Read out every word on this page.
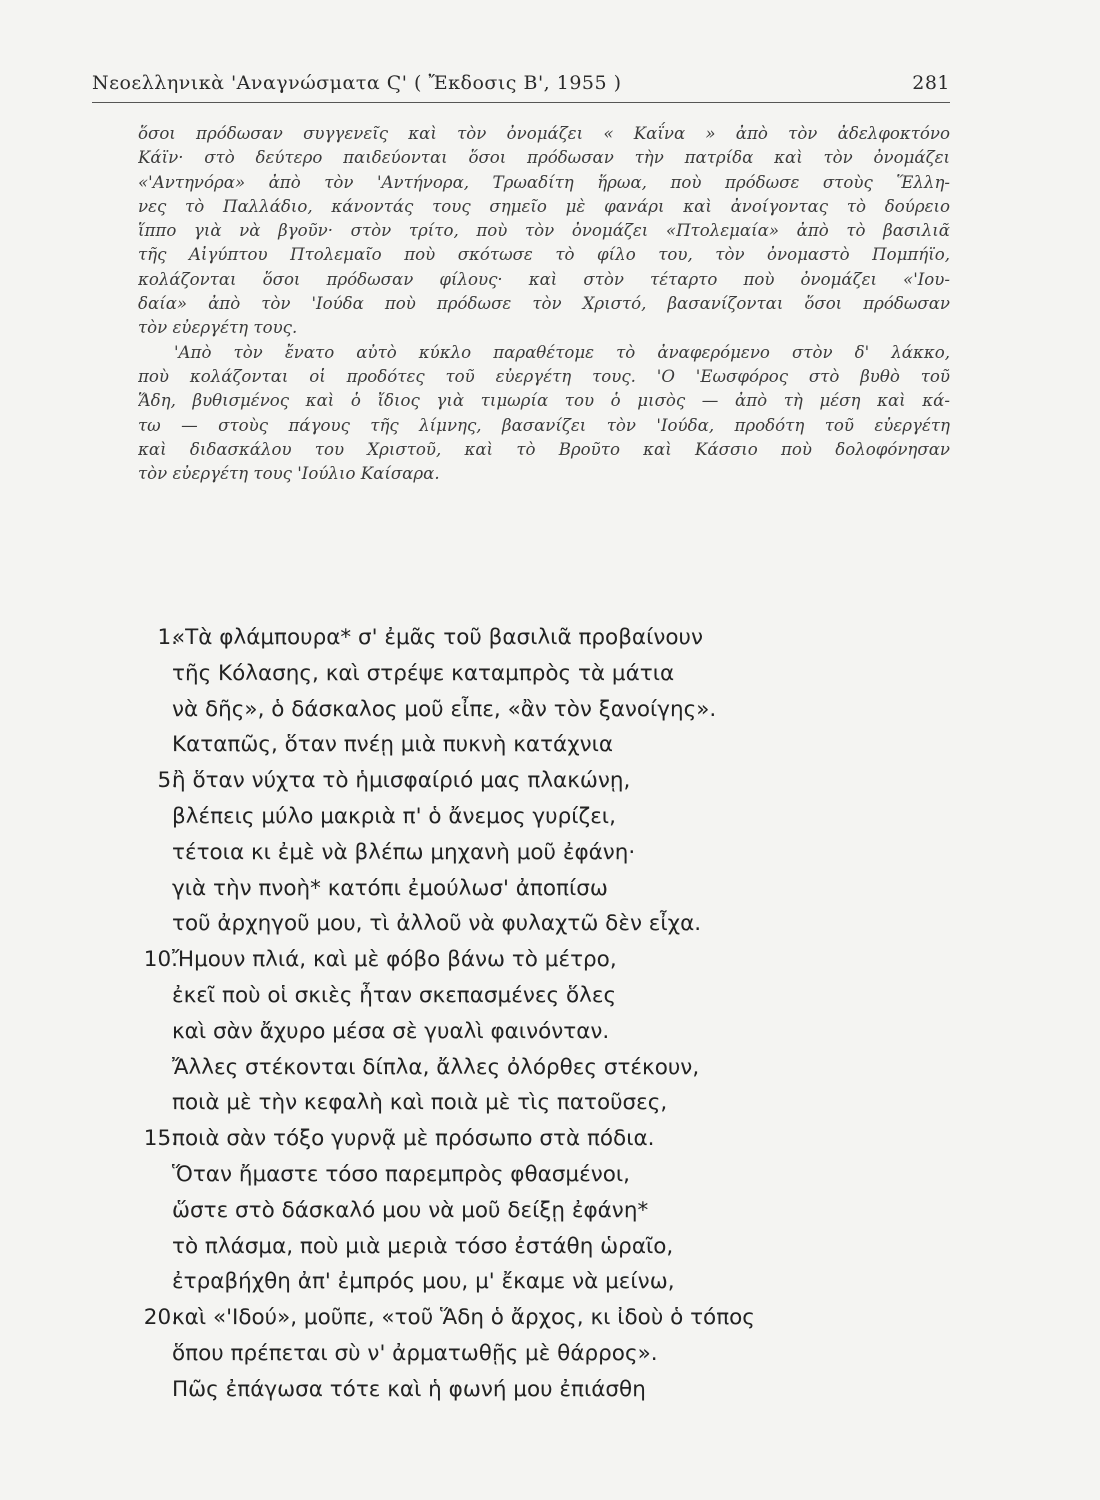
Νεοελληνικὰ 'Αναγνώσματα Ϛ' ( Ἔκδοσις Β', 1955 )	281
ὅσοι πρόδωσαν συγγενεῖς καὶ τὸν ὀνομάζει « Καΐνα » ἀπὸ τὸν ἀδελφοκτόνο
Κάϊν· στὸ δεύτερο παιδεύονται ὅσοι πρόδωσαν τὴν πατρίδα καὶ τὸν ὀνομάζει
«'Αντηνόρα» ἀπὸ τὸν 'Αντήνορα, Τρωαδίτη ἥρωα, ποὺ πρόδωσε στοὺς Ἕλλη-
νες τὸ Παλλάδιο, κάνοντάς τους σημεῖο μὲ φανάρι καὶ ἀνοίγοντας τὸ δούρειο
ἵππο γιὰ νὰ βγοῦν· στὸν τρίτο, ποὺ τὸν ὀνομάζει «Πτολεμαία» ἀπὸ τὸ βασιλιᾶ
τῆς Αἰγύπτου Πτολεμαῖο ποὺ σκότωσε τὸ φίλο του, τὸν ὀνομαστὸ Πομπήϊο,
κολάζονται ὅσοι πρόδωσαν φίλους· καὶ στὸν τέταρτο ποὺ ὀνομάζει «'Ιου-
δαία» ἀπὸ τὸν 'Ιούδα ποὺ πρόδωσε τὸν Χριστό, βασανίζονται ὅσοι πρόδωσαν
τὸν εὐεργέτη τους.
'Απὸ τὸν ἔνατο αὐτὸ κύκλο παραθέτομε τὸ ἀναφερόμενο στὸν δ' λάκκο,
ποὺ κολάζονται οἱ προδότες τοῦ εὐεργέτη τους. 'Ο 'Εωσφόρος στὸ βυθὸ τοῦ
Ἅδη, βυθισμένος καὶ ὁ ἴδιος γιὰ τιμωρία του ὁ μισὸς — ἀπὸ τὴ μέση καὶ κά-
τω — στοὺς πάγους τῆς λίμνης, βασανίζει τὸν 'Ιούδα, προδότη τοῦ εὐεργέτη
καὶ διδασκάλου του Χριστοῦ, καὶ τὸ Βροῦτο καὶ Κάσσιο ποὺ δολοφόνησαν
τὸν εὐεργέτη τους 'Ιούλιο Καίσαρα.
1.
«Τὰ φλάμπουρα* σ' ἐμᾶς τοῦ βασιλιᾶ προβαίνουν
τῆς Κόλασης, καὶ στρέψε καταμπρὸς τὰ μάτια
νὰ δῆς», ὁ δάσκαλος μοῦ εἶπε, «ἂν τὸν ξανοίγης».
Καταπῶς, ὅταν πνέῃ μιὰ πυκνὴ κατάχνια
5.
ἢ ὅταν νύχτα τὸ ἡμισφαίριό μας πλακώνῃ,
βλέπεις μύλο μακριὰ π' ὁ ἄνεμος γυρίζει,
τέτοια κι ἐμὲ νὰ βλέπω μηχανὴ μοῦ ἐφάνη·
γιὰ τὴν πνοὴ* κατόπι ἐμούλωσ' ἀποπίσω
τοῦ ἀρχηγοῦ μου, τὶ ἀλλοῦ νὰ φυλαχτῶ δὲν εἶχα.
10.
Ἤμουν πλιά, καὶ μὲ φόβο βάνω τὸ μέτρο,
ἐκεῖ ποὺ οἱ σκιὲς ἦταν σκεπασμένες ὅλες
καὶ σὰν ἄχυρο μέσα σὲ γυαλὶ φαινόνταν.
Ἄλλες στέκονται δίπλα, ἄλλες ὀλόρθες στέκουν,
ποιὰ μὲ τὴν κεφαλὴ καὶ ποιὰ μὲ τὶς πατοῦσες,
15.
ποιὰ σὰν τόξο γυρνᾷ μὲ πρόσωπο στὰ πόδια.
Ὅταν ἤμαστε τόσο παρεμπρὸς φθασμένοι,
ὥστε στὸ δάσκαλό μου νὰ μοῦ δείξῃ ἐφάνη*
τὸ πλάσμα, ποὺ μιὰ μεριὰ τόσο ἐστάθη ὡραῖο,
ἐτραβήχθη ἀπ' ἐμπρός μου, μ' ἔκαμε νὰ μείνω,
20.
καὶ «'Ιδού», μοῦπε, «τοῦ Ἅδη ὁ ἄρχος, κι ἰδοὺ ὁ τόπος
ὅπου πρέπεται σὺ ν' ἀρματωθῇς μὲ θάρρος».
Πῶς ἐπάγωσα τότε καὶ ἡ φωνή μου ἐπιάσθη
